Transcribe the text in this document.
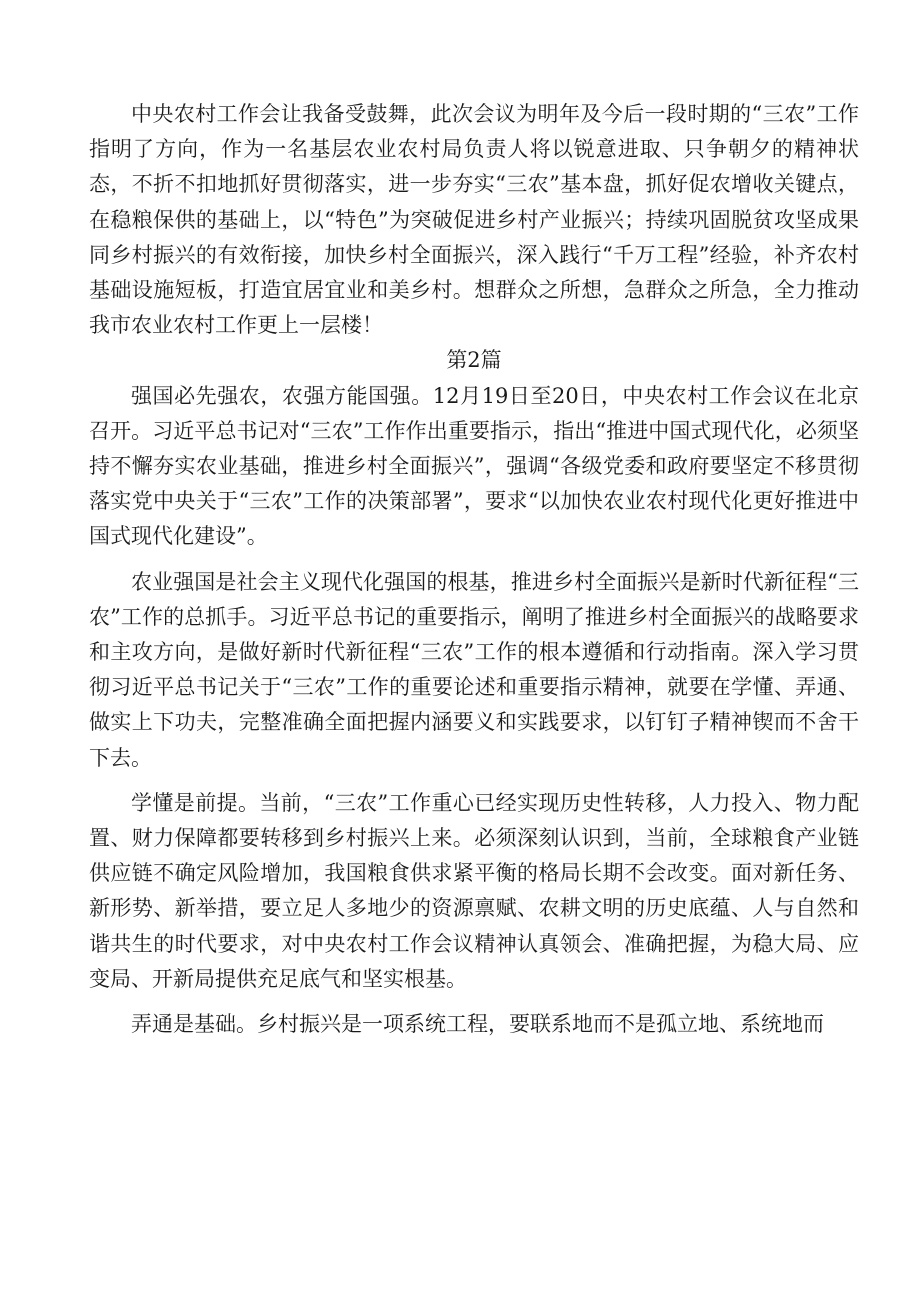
中央农村工作会让我备受鼓舞，此次会议为明年及今后一段时期的“三农”工作指明了方向，作为一名基层农业农村局负责人将以锐意进取、只争朝夕的精神状态，不折不扣地抓好贯彻落实，进一步夯实“三农”基本盘，抓好促农增收关键点，在稳粮保供的基础上，以“特色”为突破促进乡村产业振兴；持续巩固脱贫攻坚成果同乡村振兴的有效衔接，加快乡村全面振兴，深入践行“千万工程”经验，补齐农村基础设施短板，打造宜居宜业和美乡村。想群众之所想，急群众之所急，全力推动我市农业农村工作更上一层楼！

第2篇

强国必先强农，农强方能国强。12月19日至20日，中央农村工作会议在北京召开。习近平总书记对“三农”工作作出重要指示，指出“推进中国式现代化，必须坚持不懈夯实农业基础，推进乡村全面振兴”，强调“各级党委和政府要坚定不移贯彻落实党中央关于“三农”工作的决策部署”，要求“以加快农业农村现代化更好推进中国式现代化建设”。

农业强国是社会主义现代化强国的根基，推进乡村全面振兴是新时代新征程“三农”工作的总抓手。习近平总书记的重要指示，阐明了推进乡村全面振兴的战略要求和主攻方向，是做好新时代新征程“三农”工作的根本遵循和行动指南。深入学习贯彻习近平总书记关于“三农”工作的重要论述和重要指示精神，就要在学懂、弄通、做实上下功夫，完整准确全面把握内涵要义和实践要求，以钉钉子精神锲而不舍干下去。

学懂是前提。当前，“三农”工作重心已经实现历史性转移，人力投入、物力配置、财力保障都要转移到乡村振兴上来。必须深刻认识到，当前，全球粮食产业链供应链不确定风险增加，我国粮食供求紧平衡的格局长期不会改变。面对新任务、新形势、新举措，要立足人多地少的资源禀赋、农耕文明的历史底蕴、人与自然和谐共生的时代要求，对中央农村工作会议精神认真领会、准确把握，为稳大局、应变局、开新局提供充足底气和坚实根基。

弄通是基础。乡村振兴是一项系统工程，要联系地而不是孤立地、系统地而
